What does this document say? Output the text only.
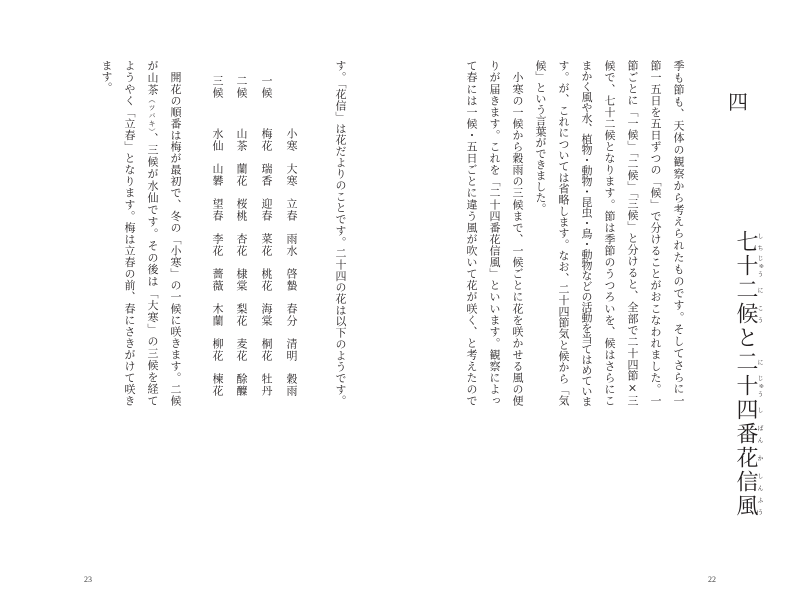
す。「花信」は花だよりのことです。二十四の花は以下のようです。
小寒
大寒
立春
雨水
啓蟄
春分
清明
穀雨
一候
梅花
瑞香
迎春
菜花
桃花
海棠
桐花
牡丹
二候
山茶
蘭花
桜桃
杏花
棣棠
梨花
麦花
酴醾
三候
水仙
山礬
望春
李花
薔薇
木蘭
柳花
楝花
　開花の順番は梅が最初で、冬の「小寒」の一候に咲きます。二候
が山茶（ツバキ）、三候が水仙です。その後は「大寒」の三候を経て
ようやく「立春」となります。梅は立春の前、春にさきがけて咲き
ます。
23
四
七しち十じゅう二に候こうと二に十じゅう四し番ばん花か信しん風ふう
季も節も、天体の観察から考えられたものです。そしてさらに一
節一五日を五日ずつの「候」で分けることがおこなわれました。一
節ごとに「一候」「二候」「三候」と分けると、全部で二十四節×三
候で、七十二候となります。節は季節のうつろいを、候はさらにこ
まかく風や水、植物・動物・昆虫・鳥・動物などの活動を当てはめていま
す。が、これについては省略します。なお、二十四節気と候から「気
候」という言葉ができました。
　小寒の一候から穀雨の三候まで、一候ごとに花を咲かせる風の便
りが届きます。これを「二十四番花信風」といいます。観察によっ
て春には一候・五日ごとに違う風が吹いて花が咲く、と考えたので
22
